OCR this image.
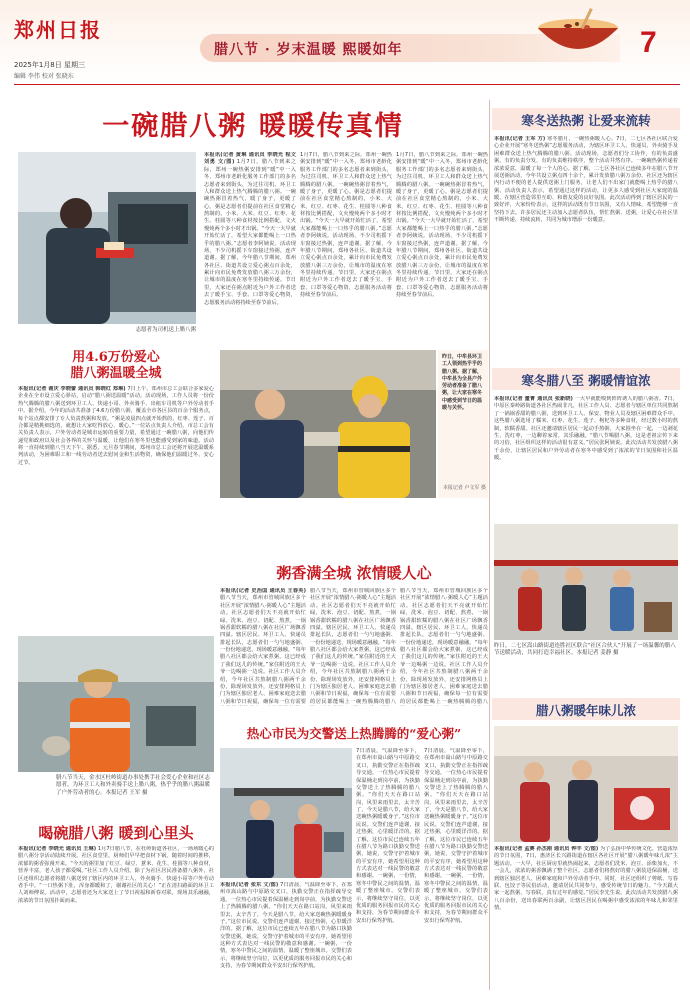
郑州日报
2025年1月8日 星期三
编辑 李伟 校对 张晓东
腊八节 · 岁末温暖 熙暖如年	7
一碗腊八粥 暖暖传真情
志愿者为司机送上腊八粥
本报讯(记者 黄琳 通讯员 李晓光 程文 刘勇 文/图) 1月7日，腊八节到来之际，郑州一碗热粥安排到“暖”中一入冬，郑州市老龄化服务工作部门的多名志愿者来到街头，为过往司机、环卫工人和群众送上热气腾腾的腊八粥。一碗碗热粥冒着热气，暖了身子，更暖了心。粥是志愿者们提前在社区食堂精心熬制的，小米、大米、红豆、红枣、花生、桂圆等八种食材按比例搭配，文火慢炖两个多小时才出锅。“今天一大早就开始忙活了，希望大家都能喝上一口热乎的腊八粥。”志愿者李阿姨说。活动现场，不少司机摇下车窗接过热粥，连声道谢。据了解，今年腊八节期间，郑州各社区、街道共设立爱心粥点百余处，累计向市民免费发放腊八粥三万余份，让城市的温度在寒冬里持续传递。节日里，大家还在粥点附近为户外工作者送去了暖手宝、手套、口罩等爱心物资，志愿服务活动将持续至春节前后。
1月7日，腊八节到来之际，郑州一碗热粥安排到“暖”中一入冬，郑州市老龄化服务工作部门的多名志愿者来到街头，为过往司机、环卫工人和群众送上热气腾腾的腊八粥。一碗碗热粥冒着热气，暖了身子，更暖了心。粥是志愿者们提前在社区食堂精心熬制的，小米、大米、红豆、红枣、花生、桂圆等八种食材按比例搭配，文火慢炖两个多小时才出锅。“今天一大早就开始忙活了，希望大家都能喝上一口热乎的腊八粥。”志愿者李阿姨说。活动现场，不少司机摇下车窗接过热粥，连声道谢。据了解，今年腊八节期间，郑州各社区、街道共设立爱心粥点百余处，累计向市民免费发放腊八粥三万余份，让城市的温度在寒冬里持续传递。节日里，大家还在粥点附近为户外工作者送去了暖手宝、手套、口罩等爱心物资，志愿服务活动将持续至春节前后。
1月7日，腊八节到来之际，郑州一碗热粥安排到“暖”中一入冬，郑州市老龄化服务工作部门的多名志愿者来到街头，为过往司机、环卫工人和群众送上热气腾腾的腊八粥。一碗碗热粥冒着热气，暖了身子，更暖了心。粥是志愿者们提前在社区食堂精心熬制的，小米、大米、红豆、红枣、花生、桂圆等八种食材按比例搭配，文火慢炖两个多小时才出锅。“今天一大早就开始忙活了，希望大家都能喝上一口热乎的腊八粥。”志愿者李阿姨说。活动现场，不少司机摇下车窗接过热粥，连声道谢。据了解，今年腊八节期间，郑州各社区、街道共设立爱心粥点百余处，累计向市民免费发放腊八粥三万余份，让城市的温度在寒冬里持续传递。节日里，大家还在粥点附近为户外工作者送去了暖手宝、手套、口罩等爱心物资，志愿服务活动将持续至春节前后。
用4.6万份爱心
腊八粥温暖全城
本报讯(记者 谢庆 李晓蕾 通讯员 韩晓红 郑琳) 7日上午，郑州市总工会联合多家爱心企业在全市设立爱心驿站，启动“腊八粥送温暖”活动。活动现场，工作人员将一份份热气腾腾的腊八粥送到环卫工人、快递小哥、外卖骑手、出租车司机等户外劳动者手中。据介绍，今年的活动共准备了4.6万份腊八粥，覆盖全市各区县的百余个服务点，每个站点都安排了专人负责熬粥和发放。“粥是凌晨四点就开始熬的，红枣、莲子、百合都是精挑细选的，就想让大家吃得放心、暖心。”一位站点负责人介绍。市总工会有关负责人表示，户外劳动者是城市运转的重要力量，希望通过一碗腊八粥，向他们传递党和政府以及社会各界的关怀与温暖，让他们在寒冬里也能感受到家的味道。活动将一直持续到腊八当天下午。据悉，元旦春节期间，郑州市总工会还将开展送温暖系列活动，为困难职工和一线劳动者送去慰问金和生活物资，确保他们温暖过冬、安心过节。
腊八节当天，金水区杜岭街道办事处携手社会爱心企业和社区志愿者，为环卫工人和外卖骑手送上腊八粥，热乎乎的腊八粥温暖了户外劳动者的心。本报记者 王军 摄
昨日，中牟县环卫工人领到热乎乎的腊八粥。据了解，中牟县为全县户外劳动者准备了腊八粥，让大家在寒冬中感受到节日的温暖与关怀。
本报记者 卢文军 摄
粥香满全城 浓情暖人心
本报讯(记者 史治国 通讯员 王春英) 腊八节当天，郑州市管城回族区多个社区开展“浓情腊八·粥暖人心”主题活动。社区志愿者们天不亮就开始忙碌，洗米、泡豆、切配、熬煮，一锅锅香甜软糯的腊八粥在社区广场飘香四溢。辖区居民、环卫工人、快递员排起长队，志愿者们一勺勺地盛粥、一份份地递送，现场暖意融融。“每年腊八社区都会给大家煮粥，这已经成了我们这儿的传统。”家住附近的王大爷一边喝粥一边说。社区工作人员介绍，今年社区共熬制腊八粥两千余份，除现场发放外，还安排网格员上门为辖区独居老人、困难家庭送去腊八粥和节日祝福，确保每一位有需要
腊八节当天，郑州市管城回族区多个社区开展“浓情腊八·粥暖人心”主题活动。社区志愿者们天不亮就开始忙碌，洗米、泡豆、切配、熬煮，一锅锅香甜软糯的腊八粥在社区广场飘香四溢。辖区居民、环卫工人、快递员排起长队，志愿者们一勺勺地盛粥、一份份地递送，现场暖意融融。“每年腊八社区都会给大家煮粥，这已经成了我们这儿的传统。”家住附近的王大爷一边喝粥一边说。社区工作人员介绍，今年社区共熬制腊八粥两千余份，除现场发放外，还安排网格员上门为辖区独居老人、困难家庭送去腊八粥和节日祝福，确保每一位有需要的居民都能喝上一碗热腾腾的腊八
腊八节当天，郑州市管城回族区多个社区开展“浓情腊八·粥暖人心”主题活动。社区志愿者们天不亮就开始忙碌，洗米、泡豆、切配、熬煮，一锅锅香甜软糯的腊八粥在社区广场飘香四溢。辖区居民、环卫工人、快递员排起长队，志愿者们一勺勺地盛粥、一份份地递送，现场暖意融融。“每年腊八社区都会给大家煮粥，这已经成了我们这儿的传统。”家住附近的王大爷一边喝粥一边说。社区工作人员介绍，今年社区共熬制腊八粥两千余份，除现场发放外，还安排网格员上门为辖区独居老人、困难家庭送去腊八粥和节日祝福，确保每一位有需要的居民都能喝上一碗热腾腾的腊八
热心市民为交警送上热腾腾的“爱心粥”
本报讯(记者 张东 文/图) 7日清晨，气温降至零下，在郑州市嵩山路与中原路交叉口，执勤交警正在指挥疏导交通。一位热心市民提着保温桶走到岗亭前，为执勤交警送上了热腾腾的腊八粥。“你们天天在路口站岗，风里来雨里去，太辛苦了，今天是腊八节，给大家送碗热粥暖暖身子。”这位市民说。交警们连声道谢，接过热粥，心里暖洋洋的。据了解，这位市民已连续五年在腊八节为路口执勤交警送粥，她说，交警守护着城市的平安有序，她希望用这种方式表达对一线民警的敬意和感谢。一碗粥，一份情，寒冬中警民之间的温情，温暖了整座城市。交警们表示，将继续坚守岗位，以更优质的服务回报市民的关心和支持，为春节期间群众平安出行保驾护航。
7日清晨，气温降至零下，在郑州市嵩山路与中原路交叉口，执勤交警正在指挥疏导交通。一位热心市民提着保温桶走到岗亭前，为执勤交警送上了热腾腾的腊八粥。“你们天天在路口站岗，风里来雨里去，太辛苦了，今天是腊八节，给大家送碗热粥暖暖身子。”这位市民说。交警们连声道谢，接过热粥，心里暖洋洋的。据了解，这位市民已连续五年在腊八节为路口执勤交警送粥，她说，交警守护着城市的平安有序，她希望用这种方式表达对一线民警的敬意和感谢。一碗粥，一份情，寒冬中警民之间的温情，温暖了整座城市。交警们表示，将继续坚守岗位，以更优质的服务回报市民的关心和支持，为春节期间群众平安出行保驾护航。
7日清晨，气温降至零下，在郑州市嵩山路与中原路交叉口，执勤交警正在指挥疏导交通。一位热心市民提着保温桶走到岗亭前，为执勤交警送上了热腾腾的腊八粥。“你们天天在路口站岗，风里来雨里去，太辛苦了，今天是腊八节，给大家送碗热粥暖暖身子。”这位市民说。交警们连声道谢，接过热粥，心里暖洋洋的。据了解，这位市民已连续五年在腊八节为路口执勤交警送粥，她说，交警守护着城市的平安有序，她希望用这种方式表达对一线民警的敬意和感谢。一碗粥，一份情，寒冬中警民之间的温情，温暖了整座城市。交警们表示，将继续坚守岗位，以更优质的服务回报市民的关心和支持，为春节期间群众平安出行保驾护航。
喝碗腊八粥 暖到心里头
本报讯(记者 李晓光 通讯员 王琳) 1月7日腊八节，在杜岭街道各社区，一场场暖心的腊八粥分享活动陆续开展。社区食堂里，厨师们早早把食材下锅，随着时间的推移，浓郁的粥香弥漫开来。“今天的粥里加了红豆、绿豆、薏米、花生、桂圆等八种食材，营养丰富，老人孩子都爱喝。”社区工作人员介绍。除了为社区居民准备腊八粥外，社区还组织志愿者将腊八粥送到了辖区内的环卫工人、外卖骑手、快递小哥等户外劳动者手中。“一口热粥下肚，浑身都暖和了，谢谢社区的关心！”正在清扫路面的环卫工人刘师傅说。活动中，志愿者还为大家送上了节日祝福和新春对联，现场其乐融融，浓浓的节日氛围扑面而来。
寒冬送热粥 让爱来流转
本报讯(记者 王军 方) 寒冬腊月，一碗热粥暖人心。7日，二七区各社区联合爱心企业开展“寒冬送热粥”志愿服务活动，为辖区环卫工人、快递员、外卖骑手及困难群众送上热气腾腾的腊八粥。活动现场，志愿者们分工协作，有的负责盛粥，有的负责分发，有的负责维持秩序，整个活动井然有序。一碗碗热粥传递着浓浓爱意，温暖了每一个人的心。据了解，二七区各社区已连续多年在腊八节开展送粥活动，今年共设立粥点四十余个，累计发放腊八粥万余份。社区还为辖区内行动不便的老人提供送粥上门服务，让老人们不出家门就能喝上热乎的腊八粥。活动负责人表示，希望通过这样的活动，让更多人感受到社区大家庭的温暖，在辖区营造邻里互助、和谐友爱的良好氛围。此次活动得到了辖区居民的一致好评，大家纷纷表示，这样的活动既有节日氛围，又有人情味，希望能够一直坚持下去。许多居民还主动加入志愿者队伍，帮忙熬粥、送粥，让爱心在社区里不断传递、持续流转，共同为城市增添一份暖意。
寒冬腊八至 粥暖情谊浓
本报讯(记者 董菁 通讯员 张新晓) 一大早就能嗅到阵阵诱人的腊八粥香。7日，中原区秦岭路街道各社区热闹非凡，社区工作人员、志愿者与辖区单位共同熬制了一锅锅香甜的腊八粥，送到环卫工人、保安、物业人员及辖区困难群众手中。这些腊八粥选用了糯米、红枣、花生、莲子、枸杞等多种食材，经过数小时的熬制，软糯香甜。社区还邀请辖区居民一起动手熬粥，大家围坐在一起，一边剥花生、洗红枣，一边聊着家常，其乐融融。“腊八节喝腊八粥，这是老祖宗传下来的习俗，社区组织这样的活动很有意义。”居民张阿姨说。此次活动共发放腊八粥千余份，让辖区居民和户外劳动者在寒冬中感受到了浓浓的节日氛围和社区温暖。
昨日，二七区嵩山路街道连胜社区联合“社区合伙人”开展了一场温馨的腊八节送暖活动，共同打造幸福社区。本报记者 姜静 摄
腊八粥暖年味儿浓
本报讯(记者 孟赛 孙杰刚 通讯员 钟丰 文/图) 为了弘扬中华传统文化，营造浓厚的节日氛围，7日，惠济区长兴路街道在辖区各社区开展“腊八粥暖年味儿浓”主题活动。一大早，社区厨房里就热闹起来，志愿者们洗米、泡豆、添柴加火，不一会儿，浓浓的粥香飘满了整个社区。志愿者们将熬好的腊八粥装进保温桶，送到辖区独居老人、困难家庭和户外劳动者手中。同时，社区还组织了剪纸、写春联、包饺子等民俗活动，邀请居民共同参与，感受传统节日的魅力。“今天跟大家一起熬粥、写春联，真有过年的感觉。”居民李先生说。此次活动共发放腊八粥八百余份，送出春联两百余副，让辖区居民在喝粥中感受浓浓的年味儿和邻里情。
